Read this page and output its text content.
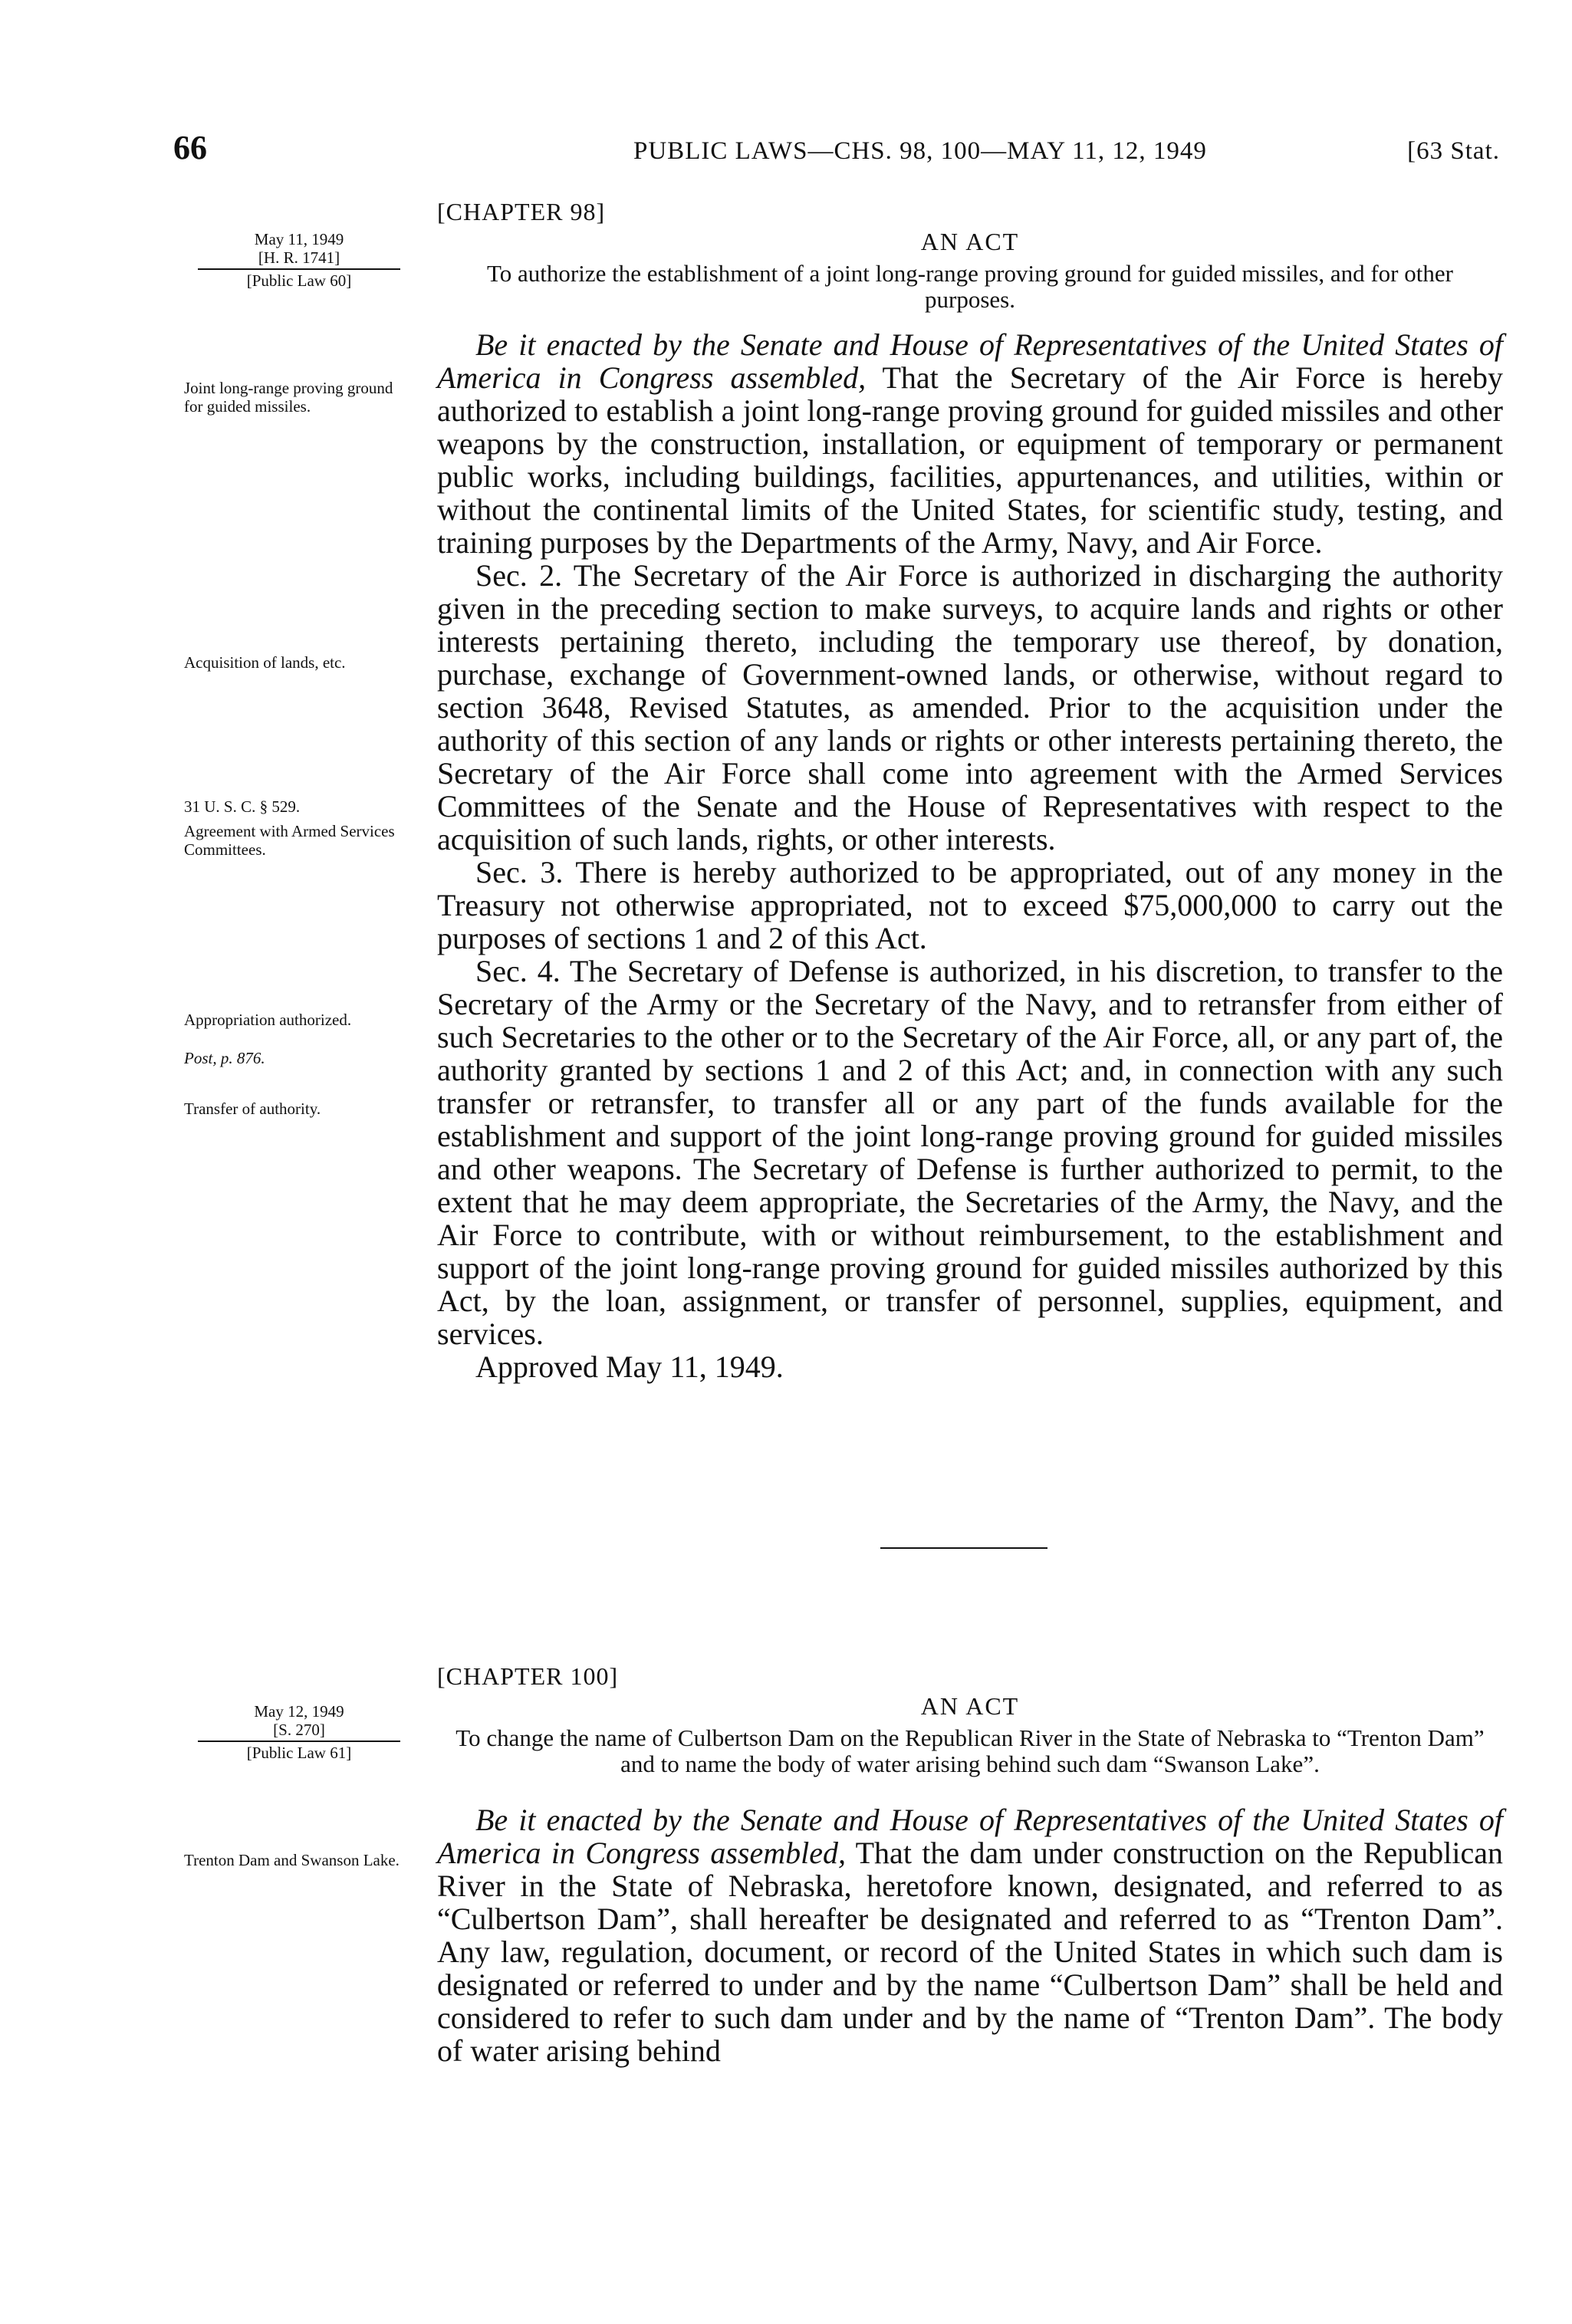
66	PUBLIC LAWS—CHS. 98, 100—MAY 11, 12, 1949	[63 Stat.
May 11, 1949
[H. R. 1741]
[Public Law 60]
Joint long-range proving ground for guided missiles.
Acquisition of lands, etc.
31 U. S. C. § 529.
Agreement with Armed Services Committees.
Appropriation authorized.
Post, p. 876.
Transfer of authority.
[CHAPTER 98]
AN ACT
To authorize the establishment of a joint long-range proving ground for guided missiles, and for other purposes.

Be it enacted by the Senate and House of Representatives of the United States of America in Congress assembled, That the Secretary of the Air Force is hereby authorized to establish a joint long-range proving ground for guided missiles and other weapons by the construction, installation, or equipment of temporary or permanent public works, including buildings, facilities, appurtenances, and utilities, within or without the continental limits of the United States, for scientific study, testing, and training purposes by the Departments of the Army, Navy, and Air Force.

Sec. 2. The Secretary of the Air Force is authorized in discharging the authority given in the preceding section to make surveys, to acquire lands and rights or other interests pertaining thereto, including the temporary use thereof, by donation, purchase, exchange of Government-owned lands, or otherwise, without regard to section 3648, Revised Statutes, as amended. Prior to the acquisition under the authority of this section of any lands or rights or other interests pertaining thereto, the Secretary of the Air Force shall come into agreement with the Armed Services Committees of the Senate and the House of Representatives with respect to the acquisition of such lands, rights, or other interests.

Sec. 3. There is hereby authorized to be appropriated, out of any money in the Treasury not otherwise appropriated, not to exceed $75,000,000 to carry out the purposes of sections 1 and 2 of this Act.

Sec. 4. The Secretary of Defense is authorized, in his discretion, to transfer to the Secretary of the Army or the Secretary of the Navy, and to retransfer from either of such Secretaries to the other or to the Secretary of the Air Force, all, or any part of, the authority granted by sections 1 and 2 of this Act; and, in connection with any such transfer or retransfer, to transfer all or any part of the funds available for the establishment and support of the joint long-range proving ground for guided missiles and other weapons. The Secretary of Defense is further authorized to permit, to the extent that he may deem appropriate, the Secretaries of the Army, the Navy, and the Air Force to contribute, with or without reimbursement, to the establishment and support of the joint long-range proving ground for guided missiles authorized by this Act, by the loan, assignment, or transfer of personnel, supplies, equipment, and services.

Approved May 11, 1949.
May 12, 1949
[S. 270]
[Public Law 61]
Trenton Dam and Swanson Lake.
[CHAPTER 100]
AN ACT
To change the name of Culbertson Dam on the Republican River in the State of Nebraska to “Trenton Dam” and to name the body of water arising behind such dam “Swanson Lake”.

Be it enacted by the Senate and House of Representatives of the United States of America in Congress assembled, That the dam under construction on the Republican River in the State of Nebraska, heretofore known, designated, and referred to as “Culbertson Dam”, shall hereafter be designated and referred to as “Trenton Dam”. Any law, regulation, document, or record of the United States in which such dam is designated or referred to under and by the name “Culbertson Dam” shall be held and considered to refer to such dam under and by the name of “Trenton Dam”. The body of water arising behind
